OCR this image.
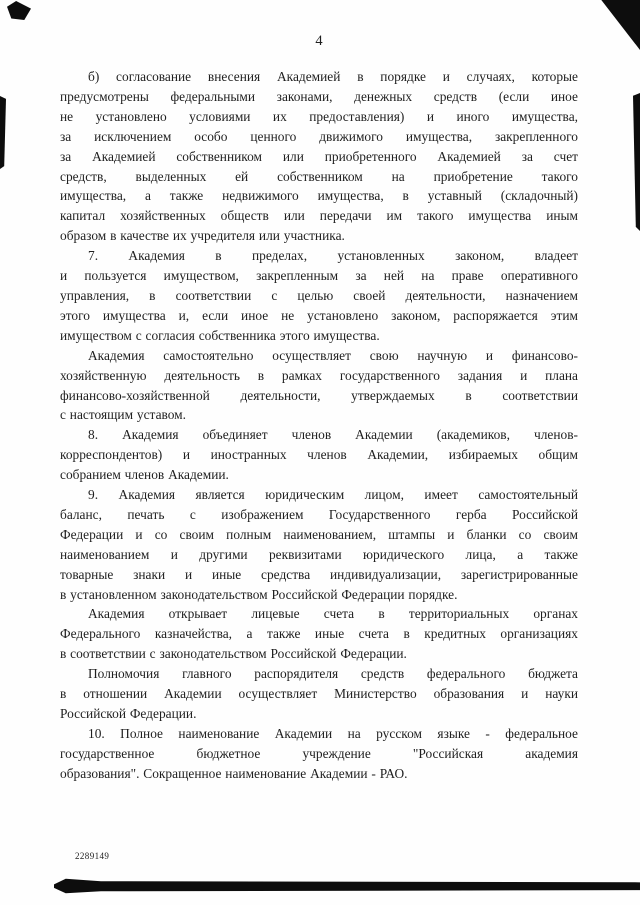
4

б) согласование внесения Академией в порядке и случаях, которые
предусмотрены федеральными законами, денежных средств (если иное
не установлено условиями их предоставления) и иного имущества,
за исключением особо ценного движимого имущества, закрепленного
за Академией собственником или приобретенного Академией за счет
средств, выделенных ей собственником на приобретение такого
имущества, а также недвижимого имущества, в уставный (складочный)
капитал хозяйственных обществ или передачи им такого имущества иным
образом в качестве их учредителя или участника.

7. Академия в пределах, установленных законом, владеет
и пользуется имуществом, закрепленным за ней на праве оперативного
управления, в соответствии с целью своей деятельности, назначением
этого имущества и, если иное не установлено законом, распоряжается этим
имуществом с согласия собственника этого имущества.

Академия самостоятельно осуществляет свою научную и финансово-
хозяйственную деятельность в рамках государственного задания и плана
финансово-хозяйственной деятельности, утверждаемых в соответствии
с настоящим уставом.

8. Академия объединяет членов Академии (академиков, членов-
корреспондентов) и иностранных членов Академии, избираемых общим
собранием членов Академии.

9. Академия является юридическим лицом, имеет самостоятельный
баланс, печать с изображением Государственного герба Российской
Федерации и со своим полным наименованием, штампы и бланки со своим
наименованием и другими реквизитами юридического лица, а также
товарные знаки и иные средства индивидуализации, зарегистрированные
в установленном законодательством Российской Федерации порядке.

Академия открывает лицевые счета в территориальных органах
Федерального казначейства, а также иные счета в кредитных организациях
в соответствии с законодательством Российской Федерации.

Полномочия главного распорядителя средств федерального бюджета
в отношении Академии осуществляет Министерство образования и науки
Российской Федерации.

10. Полное наименование Академии на русском языке - федеральное
государственное бюджетное учреждение "Российская академия
образования". Сокращенное наименование Академии - РАО.

2289149
